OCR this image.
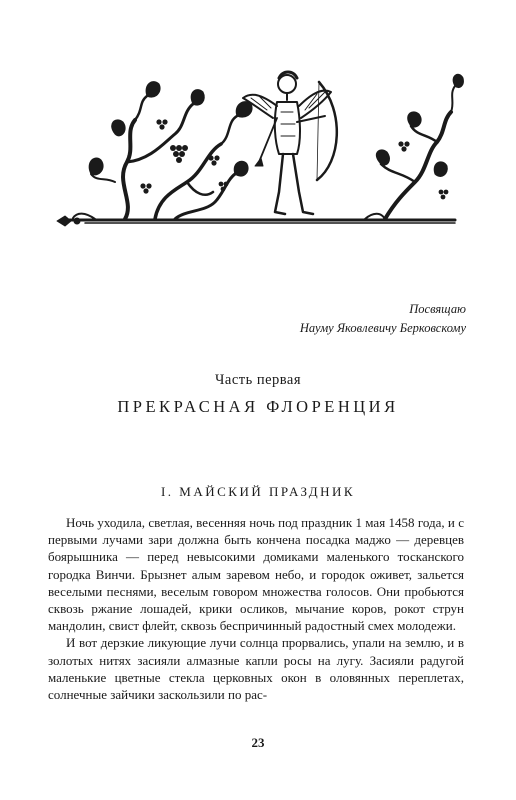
Посвящаю
Науму Яковлевичу Берковскому
Часть первая
ПРЕКРАСНАЯ ФЛОРЕНЦИЯ
I. МАЙСКИЙ ПРАЗДНИК

Ночь уходила, светлая, весенняя ночь под праздник 1 мая 1458 года, и с первыми лучами зари должна быть кончена посадка маджо — деревцев боярышника — перед невысокими домиками маленького тосканского городка Винчи. Брызнет алым заревом небо, и городок оживет, зальется веселыми песнями, веселым говором множества голосов. Они пробьются сквозь ржание лошадей, крики осликов, мычание коров, рокот струн мандолин, свист флейт, сквозь беспричинный радостный смех молодежи.

И вот дерзкие ликующие лучи солнца прорвались, упали на землю, и в золотых нитях засияли алмазные капли росы на лугу. Засияли радугой маленькие цветные стекла церковных окон в оловянных переплетах, солнечные зайчики заскользили по рас-

23
